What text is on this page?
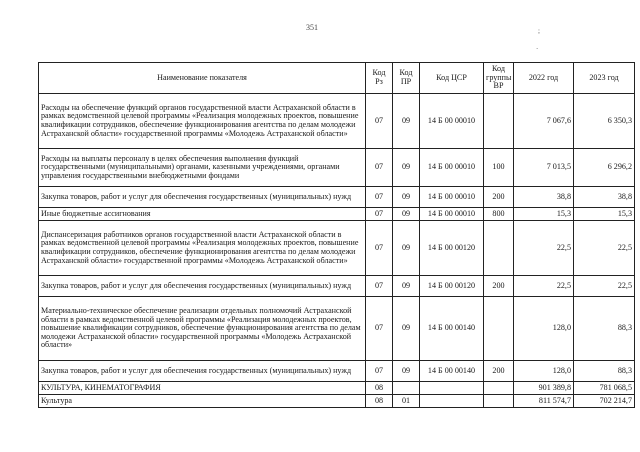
351	;
`
Наименование показателя	Код Рз	Код ПР	Код ЦСР	Код группы ВР	2022 год	2023 год
Расходы на обеспечение функций органов государственной власти Астраханской области в рамках ведомственной целевой программы «Реализация молодежных проектов, повышение квалификации сотрудников, обеспечение функционирования агентства по делам молодежи Астраханской области» государственной программы «Молодежь Астраханской области»	07	09	14 Б 00 00010		7 067,6	6 350,3
Расходы на выплаты персоналу в целях обеспечения выполнения функций государственными (муниципальными) органами, казенными учреждениями, органами управления государственными внебюджетными фондами	07	09	14 Б 00 00010	100	7 013,5	6 296,2
Закупка товаров, работ и услуг для обеспечения государственных (муниципальных) нужд	07	09	14 Б 00 00010	200	38,8	38,8
Иные бюджетные ассигнования	07	09	14 Б 00 00010	800	15,3	15,3
Диспансеризация работников органов государственной власти Астраханской области в рамках ведомственной целевой программы «Реализация молодежных проектов, повышение квалификации сотрудников, обеспечение функционирования агентства по делам молодежи Астраханской области» государственной программы «Молодежь Астраханской области»	07	09	14 Б 00 00120		22,5	22,5
Закупка товаров, работ и услуг для обеспечения государственных (муниципальных) нужд	07	09	14 Б 00 00120	200	22,5	22,5
Материально-техническое обеспечение реализации отдельных полномочий Астраханской области в рамках ведомственной целевой программы «Реализация молодежных проектов, повышение квалификации сотрудников, обеспечение функционирования агентства по делам молодежи Астраханской области» государственной программы «Молодежь Астраханской области»	07	09	14 Б 00 00140		128,0	88,3
Закупка товаров, работ и услуг для обеспечения государственных (муниципальных) нужд	07	09	14 Б 00 00140	200	128,0	88,3
КУЛЬТУРА, КИНЕМАТОГРАФИЯ	08				901 389,8	781 068,5
Культура	08	01			811 574,7	702 214,7
